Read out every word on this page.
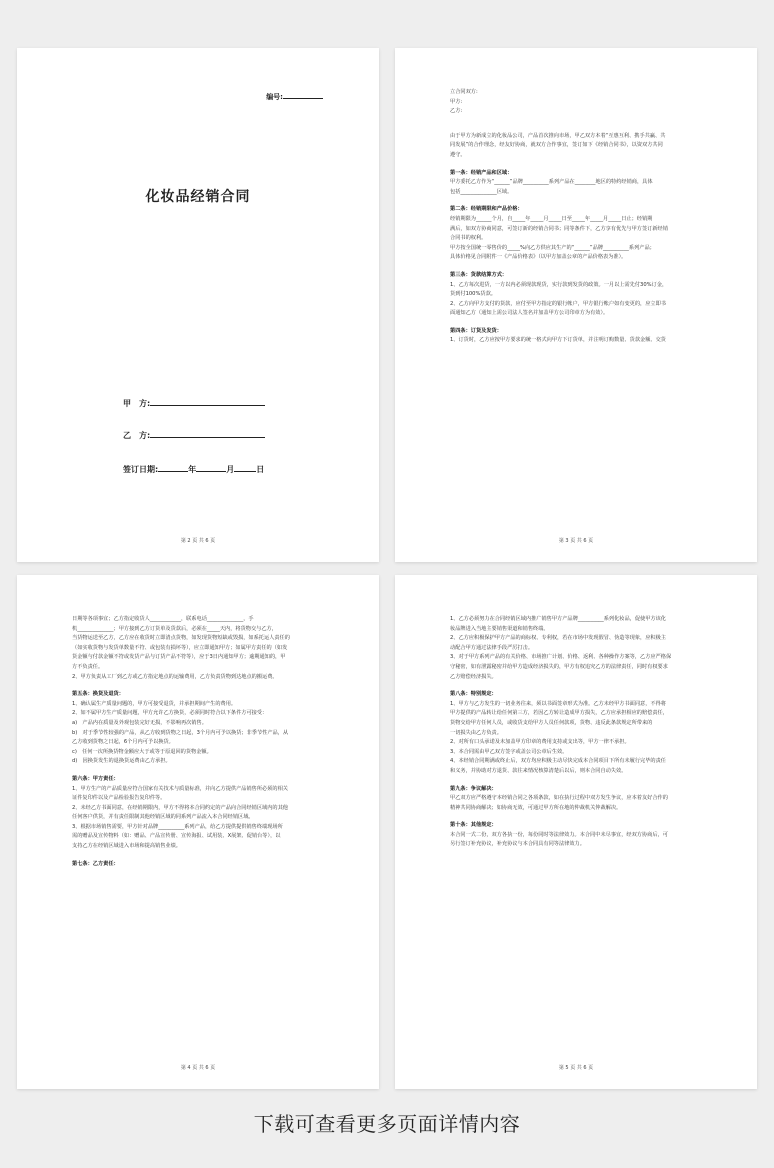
编号:
化妆品经销合同
甲　方:
乙　方:
签订日期:	年	月	日
第 2 页 共 6 页

立合同双方:

甲方:

乙方:

由于甲方为新成立的化妆品公司，产品首次推向市场，甲乙双方本着“互惠互利、携手共赢、共

同发展”的合作理念，经友好协商，就双方合作事宜，签订如下《经销合同书》，以资双方共同

遵守。

第一条：经销产品和区域：

甲方委托乙方作为“______”品牌__________系列产品在________地区的特约经销商，具体

包括______________区域。

第二条：经销期限和产品价格：

经销期限为______个月，自_____年_____月_____日至_____年_____月_____日止；经销期

满后，如双方协商同意，可签订新的经销合同书；同等条件下，乙方享有优先与甲方签订新经销

合同书的权利。

甲方按全国统一零售价的_____%向乙方供应其生产的“______”品牌__________系列产品；

具体价格见合同附件一《产品价格表》（以甲方加盖公章的产品价格表为准）。

第三条：货款结算方式：

1、乙方每次进货，一方以内必须现款现货，实行款到发货的政策。一月以上需先付30%订金，

货到付100%货款。

2、乙方向甲方支付的货款，应付至甲方指定的银行帐户，甲方银行帐户如有变更的，应立即书

面通知乙方（通知上需公司法人签名并加盖甲方公司印章方为有效）。

第四条：订货及发货：

1、订货时，乙方应按甲方要求的统一格式向甲方下订货单，并注明订购数量、货款金额、交货

第 3 页 共 6 页

日期等各项事宜；乙方指定收货人____________，联系电话______________，手

机______________；甲方接到乙方订货单及货款后，必须在_____天内，将货物交与乙方，

当货物运送至乙方，乙方应在收货时立即清点货物，如发现货物短缺或毁损，如系托运人责任的

（如实收货物与发货单数量不符、或包装有损坏等），应立即通知甲方；如属甲方责任的（如发

货金额与付款金额不符或发货产品与订货产品不符等），应于3日内通知甲方；逾期通知的，甲

方不负责任。

2、甲方负责从工厂到乙方或乙方指定地点的运输费用，乙方负责货物到达地点的搬运费。

第五条：换货及退货：

1、确认属生产质量问题的，甲方可接受退货，并承担期间产生的费用。

2、如不属甲方生产质量问题，甲方允许乙方换货，必须同时符合以下条件方可接受：

a)　产品内在质量及外观包装完好无损，不影响再次销售。

b)　对于季节性较强的产品，从乙方收到货物之日起，3个月内可予以换货；非季节性产品，从

乙方收到货物之日起，6个月内可予以换货。

c)　任何一次所换货物金额应大于或等于原退回的货物金额。

d)　因换货发生的退换货运费由乙方承担。

第六条：甲方责任：

1、甲方生产的产品质量应符合国家有关技术与质量标准，并向乙方提供产品销售所必须的相关

证件复印件以及产品检验报告复印件等。

2、未经乙方书面同意，在经销期限内，甲方不得将本合同约定的产品向合同经销区域内的其他

任何客户供货，并有责任限制其他经销区域的同系列产品流入本合同经销区域。

3、根据市场销售需要，甲方针对品牌__________系列产品，给乙方提供提供销售终端现场所

需的赠品及宣传物料（如：赠品、产品宣传册、宣传海报、试用装、X展架、促销台等），以

支持乙方在经销区域进入市场和提高销售业绩。

第七条：乙方责任：

第 4 页 共 6 页

1、乙方必须努力在合同经销区域内推广销售甲方产品牌__________系列化妆品，促使甲方该化

妆品牌进入当地主要销售渠道和销售终端。

2、乙方应积极保护甲方产品的商标权、专利权，若在市场中发现假冒、伪造等现象，应积极主

动配合甲方通过法律手段严厉打击。

3、对于甲方系列产品的有关价格、市场推广计划、价格、返利、各种操作方案等，乙方应严格保

守秘密，如有泄露秘密并给甲方造成经济损失的，甲方有权追究乙方的法律责任，同时有权要求

乙方赔偿经济损失。

第八条：特别规定：

1、甲方与乙方发生的一切业务往来，须以书面签章形式为准。乙方未经甲方书面同意，不得将

甲方提供的产品转让给任何第三方，若因乙方转让造成甲方损失，乙方应承担相应的赔偿责任，

货物交给甲方任何人员，或收货支给甲方人员任何款项，货物、违反此条款规定所带来的

一切损失由乙方负责。

2、对所有口头承诺及未加盖甲方印章的费用支持或支出等，甲方一律不承担。

3、本合同需由甲乙双方签字或盖公司公章后生效。

4、本经销合同期满或终止后，双方均应积极主动尽快完成本合同项目下所有未履行完毕的责任

和义务，并协助对方退货、款往来情况核算清楚后以后，则本合同自动失效。

第九条：争议解决：

甲乙双方应严格遵守本经销合同之各项条款，如在执行过程中双方发生争议，应本着友好合作的

精神共同协商解决；如协商无效，可通过甲方所在地的仲裁机关仲裁解决。

第十条：其他规定：

本合同一式二份，双方各执一份，每份同时等法律效力。本合同中未尽事宜，经双方协商后，可

另行签订补充协议，补充协议与本合同具有同等法律效力。

第 5 页 共 6 页
下载可查看更多页面详情内容
